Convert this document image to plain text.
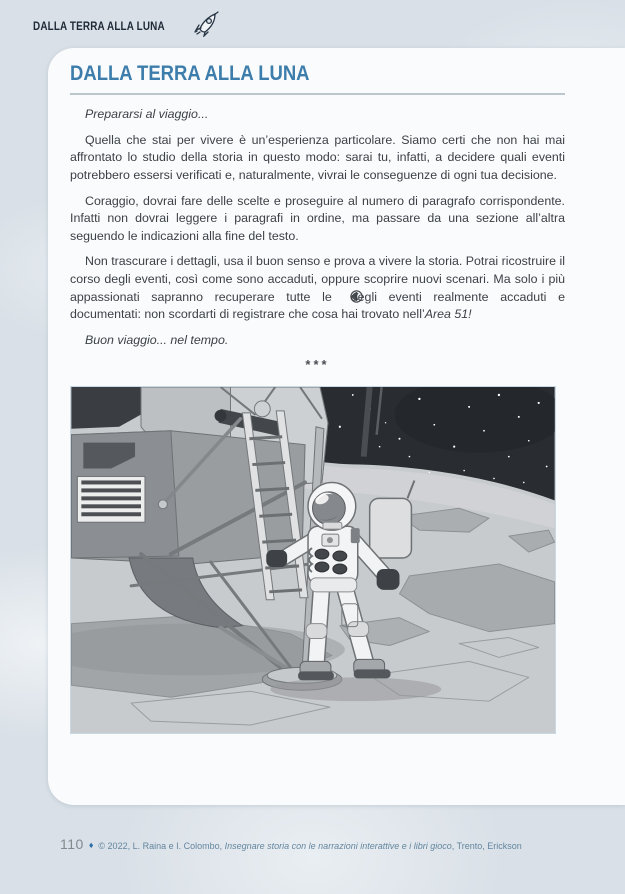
DALLA TERRA ALLA LUNA
DALLA TERRA ALLA LUNA

Prepararsi al viaggio...

Quella che stai per vivere è un’esperienza particolare. Siamo certi che non hai mai affrontato lo studio della storia in questo modo: sarai tu, infatti, a decidere quali eventi potrebbero essersi verificati e, naturalmente, vivrai le conseguenze di ogni tua decisione.

Coraggio, dovrai fare delle scelte e proseguire al numero di paragrafo corrispondente. Infatti non dovrai leggere i paragrafi in ordine, ma passare da una sezione all’altra seguendo le indicazioni alla fine del testo.

Non trascurare i dettagli, usa il buon senso e prova a vivere la storia. Potrai ricostruire il corso degli eventi, così come sono accaduti, oppure scoprire nuovi scenari. Ma solo i più appassionati sapranno recuperare tutte le degli eventi realmente accaduti e documentati: non scordarti di registrare che cosa hai trovato nell’Area 51!

Buon viaggio... nel tempo.

***
110 ♦ © 2022, L. Raina e I. Colombo, Insegnare storia con le narrazioni interattive e i libri gioco, Trento, Erickson
